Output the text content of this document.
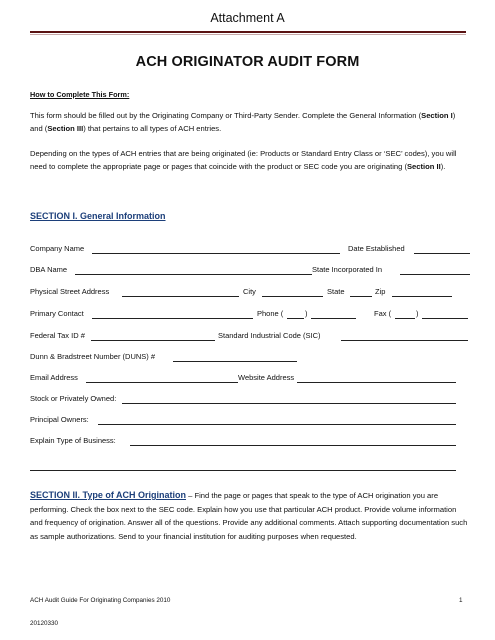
Attachment A
ACH ORIGINATOR AUDIT FORM
How to Complete This Form:
This form should be filled out by the Originating Company or Third-Party Sender. Complete the General Information (Section I) and (Section III) that pertains to all types of ACH entries.
Depending on the types of ACH entries that are being originated (ie: Products or Standard Entry Class or ‘SEC’ codes), you will need to complete the appropriate page or pages that coincide with the product or SEC code you are originating (Section II).
SECTION I. General Information
Company Name	Date Established
DBA Name	State Incorporated In
Physical Street Address	City	State	Zip
Primary Contact	Phone (	)	Fax (	)
Federal Tax ID #	Standard Industrial Code (SIC)
Dunn & Bradstreet Number (DUNS) #
Email Address	Website Address
Stock or Privately Owned:
Principal Owners:
Explain Type of Business:
SECTION II. Type of ACH Origination – Find the page or pages that speak to the type of ACH origination you are performing. Check the box next to the SEC code. Explain how you use that particular ACH product. Provide volume information and frequency of origination. Answer all of the questions. Provide any additional comments. Attach supporting documentation such as sample authorizations. Send to your financial institution for auditing purposes when requested.
ACH Audit Guide For Originating Companies 2010	1
20120330
